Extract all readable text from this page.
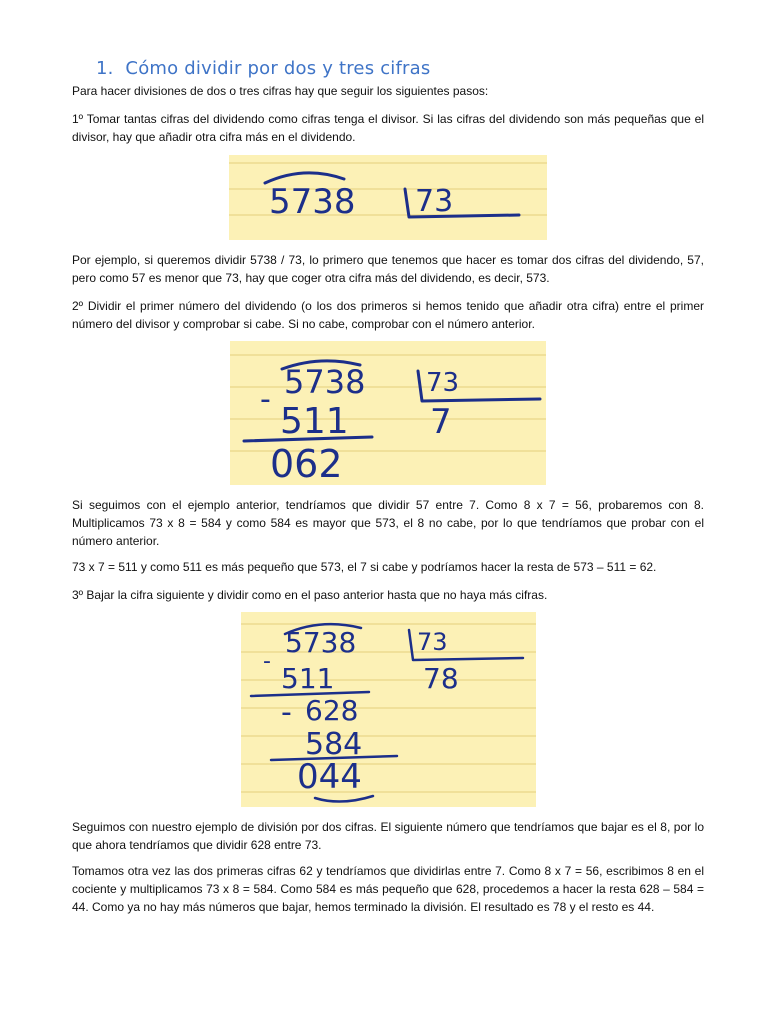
1. Cómo dividir por dos y tres cifras

Para hacer divisiones de dos o tres cifras hay que seguir los siguientes pasos:

1º Tomar tantas cifras del dividendo como cifras tenga el divisor. Si las cifras del dividendo son más pequeñas que el divisor, hay que añadir otra cifra más en el dividendo.

5738 73

Por ejemplo, si queremos dividir 5738 / 73, lo primero que tenemos que hacer es tomar dos cifras del dividendo, 57, pero como 57 es menor que 73, hay que coger otra cifra más del dividendo, es decir, 573.

2º Dividir el primer número del dividendo (o los dos primeros si hemos tenido que añadir otra cifra) entre el primer número del divisor y comprobar si cabe. Si no cabe, comprobar con el número anterior.

5738 73
-
511 7
062

Si seguimos con el ejemplo anterior, tendríamos que dividir 57 entre 7. Como 8 x 7 = 56, probaremos con 8. Multiplicamos 73 x 8 = 584 y como 584 es mayor que 573, el 8 no cabe, por lo que tendríamos que probar con el número anterior.

73 x 7 = 511 y como 511 es más pequeño que 573, el 7 si cabe y podríamos hacer la resta de 573 – 511 = 62.

3º Bajar la cifra siguiente y dividir como en el paso anterior hasta que no haya más cifras.

5738	73
-
511	78
- 628
584
044

Seguimos con nuestro ejemplo de división por dos cifras. El siguiente número que tendríamos que bajar es el 8, por lo que ahora tendríamos que dividir 628 entre 73.

Tomamos otra vez las dos primeras cifras 62 y tendríamos que dividirlas entre 7. Como 8 x 7 = 56, escribimos 8 en el cociente y multiplicamos 73 x 8 = 584. Como 584 es más pequeño que 628, procedemos a hacer la resta 628 – 584 = 44. Como ya no hay más números que bajar, hemos terminado la división. El resultado es 78 y el resto es 44.
